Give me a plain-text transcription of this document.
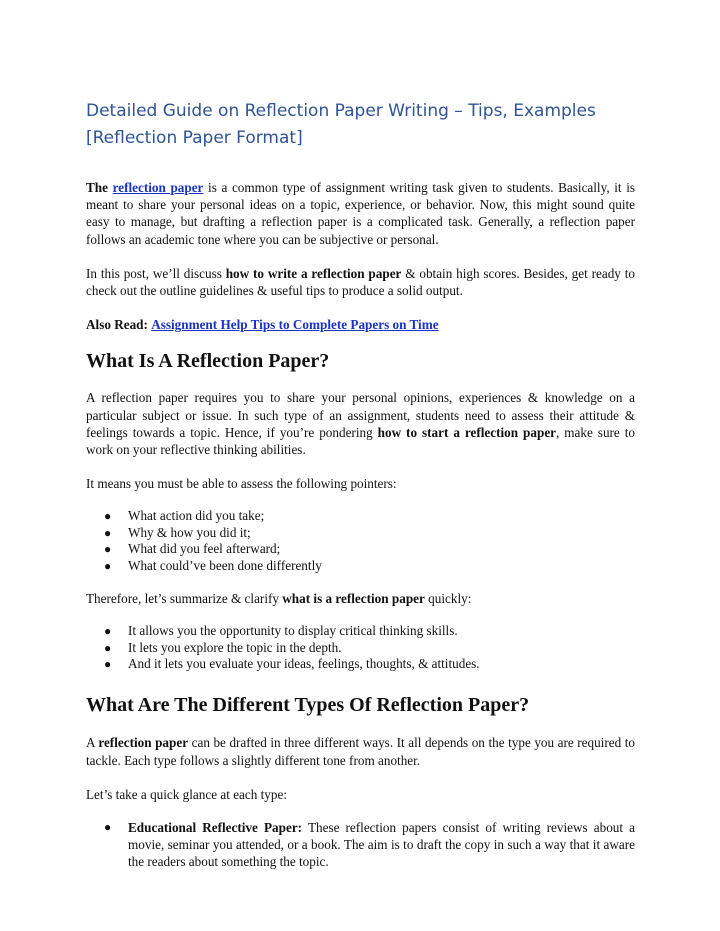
Detailed Guide on Reflection Paper Writing – Tips, Examples [Reflection Paper Format]

The reflection paper is a common type of assignment writing task given to students. Basically, it is meant to share your personal ideas on a topic, experience, or behavior. Now, this might sound quite easy to manage, but drafting a reflection paper is a complicated task. Generally, a reflection paper follows an academic tone where you can be subjective or personal.

In this post, we’ll discuss how to write a reflection paper & obtain high scores. Besides, get ready to check out the outline guidelines & useful tips to produce a solid output.

Also Read: Assignment Help Tips to Complete Papers on Time

What Is A Reflection Paper?

A reflection paper requires you to share your personal opinions, experiences & knowledge on a particular subject or issue. In such type of an assignment, students need to assess their attitude & feelings towards a topic. Hence, if you’re pondering how to start a reflection paper, make sure to work on your reflective thinking abilities.

It means you must be able to assess the following pointers:

● What action did you take;
● Why & how you did it;
● What did you feel afterward;
● What could’ve been done differently

Therefore, let’s summarize & clarify what is a reflection paper quickly:

● It allows you the opportunity to display critical thinking skills.
● It lets you explore the topic in the depth.
● And it lets you evaluate your ideas, feelings, thoughts, & attitudes.
What Are The Different Types Of Reflection Paper?

A reflection paper can be drafted in three different ways. It all depends on the type you are required to tackle. Each type follows a slightly different tone from another.

Let’s take a quick glance at each type:

● Educational Reflective Paper: These reflection papers consist of writing reviews about a movie, seminar you attended, or a book. The aim is to draft the copy in such a way that it aware the readers about something the topic.
